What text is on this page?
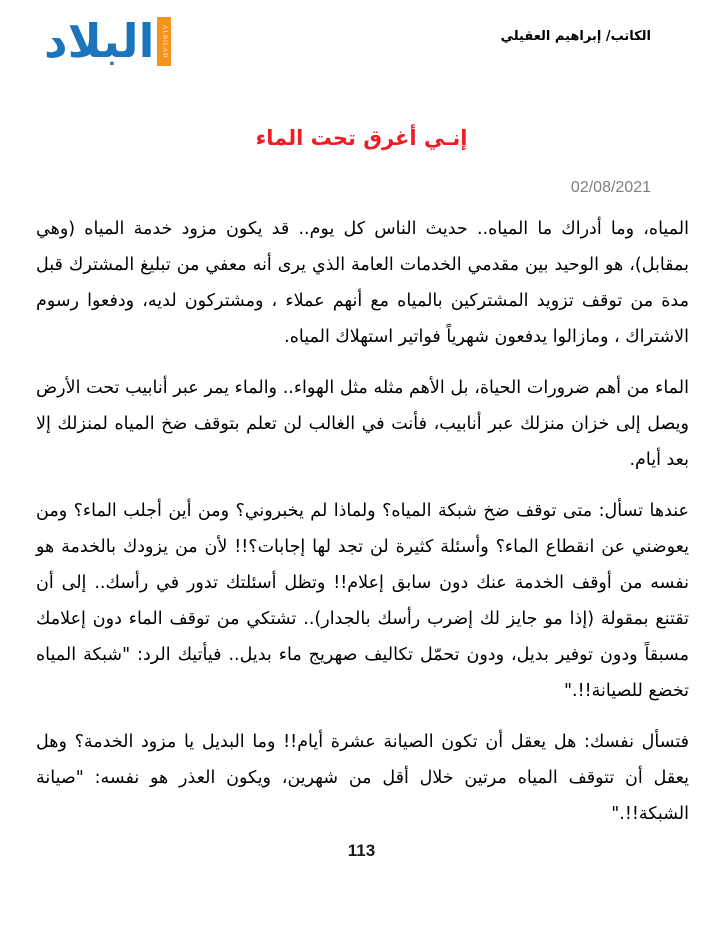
البلاد ALBILAD	الكاتب/ إبراهيم العقيلي
إنـي أغرق تحت الماء
02/08/2021

المياه، وما أدراك ما المياه.. حديث الناس كل يوم.. قد يكون مزود خدمة المياه (وهي بمقابل)، هو الوحيد بين مقدمي الخدمات العامة الذي يرى أنه معفي من تبليغ المشترك قبل مدة من توقف تزويد المشتركين بالمياه مع أنهم عملاء ، ومشتركون لديه، ودفعوا رسوم الاشتراك ، ومازالوا يدفعون شهرياً فواتير استهلاك المياه.

الماء من أهم ضرورات الحياة، بل الأهم مثله مثل الهواء.. والماء يمر عبر أنابيب تحت الأرض ويصل إلى خزان منزلك عبر أنابيب، فأنت في الغالب لن تعلم بتوقف ضخ المياه لمنزلك إلا بعد أيام.

عندها تسأل: متى توقف ضخ شبكة المياه؟ ولماذا لم يخبروني؟ ومن أين أجلب الماء؟ ومن يعوضني عن انقطاع الماء؟ وأسئلة كثيرة لن تجد لها إجابات؟!! لأن من يزودك بالخدمة هو نفسه من أوقف الخدمة عنك دون سابق إعلام!! وتظل أسئلتك تدور في رأسك.. إلى أن تقتنع بمقولة (إذا مو جايز لك إضرب رأسك بالجدار).. تشتكي من توقف الماء دون إعلامك مسبقاً ودون توفير بديل، ودون تحمّل تكاليف صهريج ماء بديل.. فيأتيك الرد: "شبكة المياه تخضع للصيانة!!."

فتسأل نفسك: هل يعقل أن تكون الصيانة عشرة أيام!! وما البديل يا مزود الخدمة؟ وهل يعقل أن تتوقف المياه مرتين خلال أقل من شهرين، ويكون العذر هو نفسه: "صيانة الشبكة!!."

113
